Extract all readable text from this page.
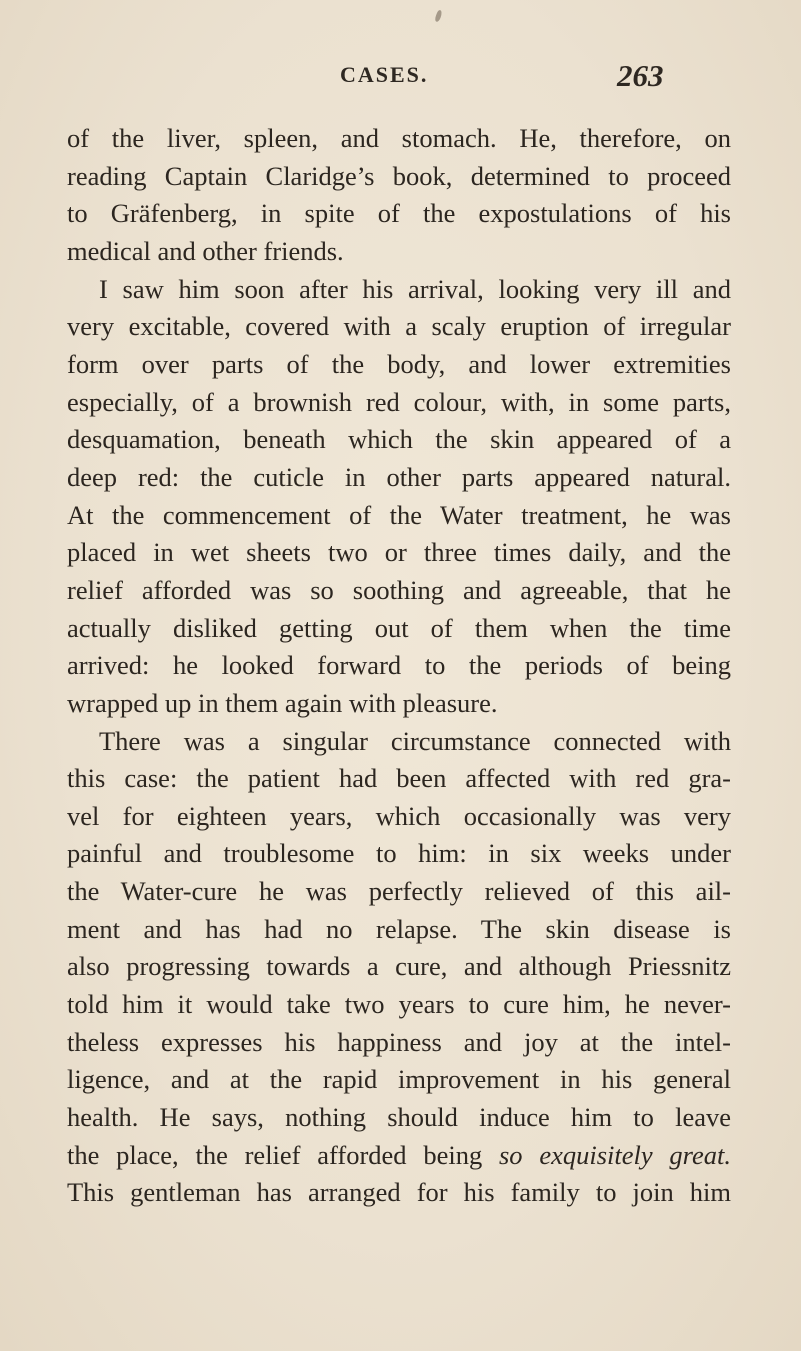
CASES.	263
of the liver, spleen, and stomach. He, therefore, on
reading Captain Claridge’s book, determined to proceed
to Gräfenberg, in spite of the expostulations of his
medical and other friends.
I saw him soon after his arrival, looking very ill and
very excitable, covered with a scaly eruption of irregular
form over parts of the body, and lower extremities
especially, of a brownish red colour, with, in some parts,
desquamation, beneath which the skin appeared of a
deep red: the cuticle in other parts appeared natural.
At the commencement of the Water treatment, he was
placed in wet sheets two or three times daily, and the
relief afforded was so soothing and agreeable, that he
actually disliked getting out of them when the time
arrived: he looked forward to the periods of being
wrapped up in them again with pleasure.
There was a singular circumstance connected with
this case: the patient had been affected with red gra-
vel for eighteen years, which occasionally was very
painful and troublesome to him: in six weeks under
the Water-cure he was perfectly relieved of this ail-
ment and has had no relapse. The skin disease is
also progressing towards a cure, and although Priessnitz
told him it would take two years to cure him, he never-
theless expresses his happiness and joy at the intel-
ligence, and at the rapid improvement in his general
health. He says, nothing should induce him to leave
the place, the relief afforded being so exquisitely great.
This gentleman has arranged for his family to join him
